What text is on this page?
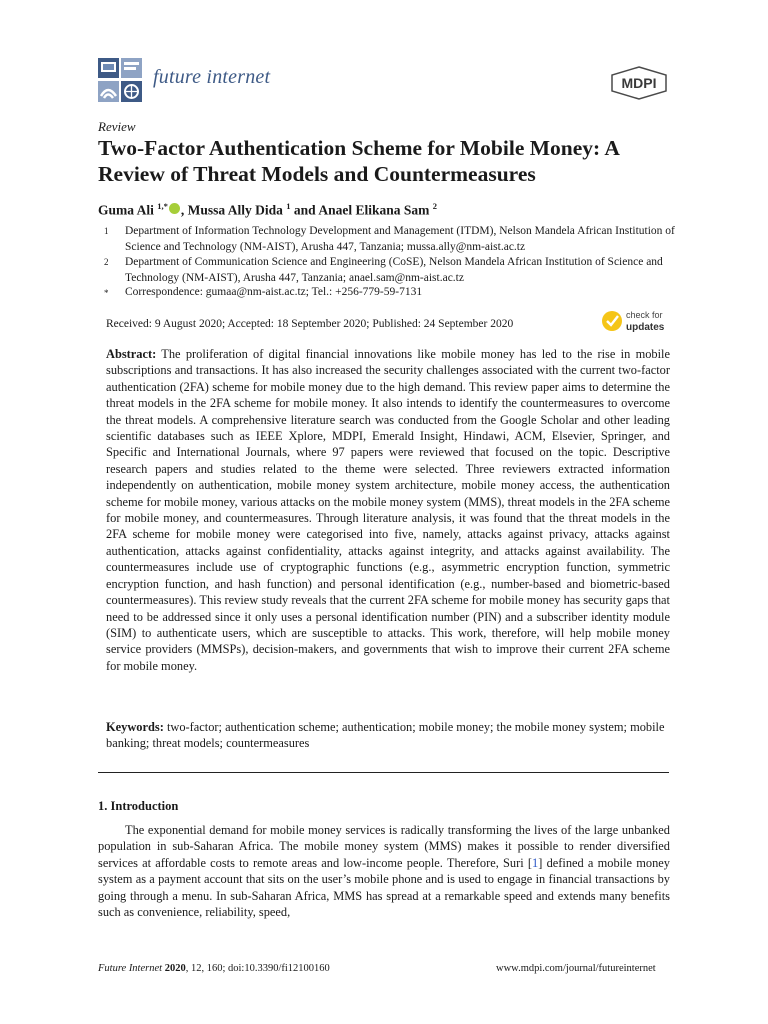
future internet	MDPI
Review
Two-Factor Authentication Scheme for Mobile Money: A Review of Threat Models and Countermeasures
Guma Ali $^{1,*}$ , Mussa Ally Dida $^1$ and Anael Elikana Sam $^2$
1 Department of Information Technology Development and Management (ITDM), Nelson Mandela African Institution of Science and Technology (NM-AIST), Arusha 447, Tanzania; mussa.ally@nm-aist.ac.tz
2 Department of Communication Science and Engineering (CoSE), Nelson Mandela African Institution of Science and Technology (NM-AIST), Arusha 447, Tanzania; anael.sam@nm-aist.ac.tz
* Correspondence: gumaa@nm-aist.ac.tz; Tel.: +256-779-59-7131
Received: 9 August 2020; Accepted: 18 September 2020; Published: 24 September 2020
check for
updates
Abstract: The proliferation of digital financial innovations like mobile money has led to the rise in mobile subscriptions and transactions. It has also increased the security challenges associated with the current two-factor authentication (2FA) scheme for mobile money due to the high demand. This review paper aims to determine the threat models in the 2FA scheme for mobile money. It also intends to identify the countermeasures to overcome the threat models. A comprehensive literature search was conducted from the Google Scholar and other leading scientific databases such as IEEE Xplore, MDPI, Emerald Insight, Hindawi, ACM, Elsevier, Springer, and Specific and International Journals, where 97 papers were reviewed that focused on the topic. Descriptive research papers and studies related to the theme were selected. Three reviewers extracted information independently on authentication, mobile money system architecture, mobile money access, the authentication scheme for mobile money, various attacks on the mobile money system (MMS), threat models in the 2FA scheme for mobile money, and countermeasures. Through literature analysis, it was found that the threat models in the 2FA scheme for mobile money were categorised into five, namely, attacks against privacy, attacks against authentication, attacks against confidentiality, attacks against integrity, and attacks against availability. The countermeasures include use of cryptographic functions (e.g., asymmetric encryption function, symmetric encryption function, and hash function) and personal identification (e.g., number-based and biometric-based countermeasures). This review study reveals that the current 2FA scheme for mobile money has security gaps that need to be addressed since it only uses a personal identification number (PIN) and a subscriber identity module (SIM) to authenticate users, which are susceptible to attacks. This work, therefore, will help mobile money service providers (MMSPs), decision-makers, and governments that wish to improve their current 2FA scheme for mobile money.
Keywords: two-factor; authentication scheme; authentication; mobile money; the mobile money system; mobile banking; threat models; countermeasures
1. Introduction
The exponential demand for mobile money services is radically transforming the lives of the large unbanked population in sub-Saharan Africa. The mobile money system (MMS) makes it possible to render diversified services at affordable costs to remote areas and low-income people. Therefore, Suri [1] defined a mobile money system as a payment account that sits on the user’s mobile phone and is used to engage in financial transactions by going through a menu. In sub-Saharan Africa, MMS has spread at a remarkable speed and extends many benefits such as convenience, reliability, speed,
Future Internet 2020, 12, 160; doi:10.3390/fi12100160	www.mdpi.com/journal/futureinternet
